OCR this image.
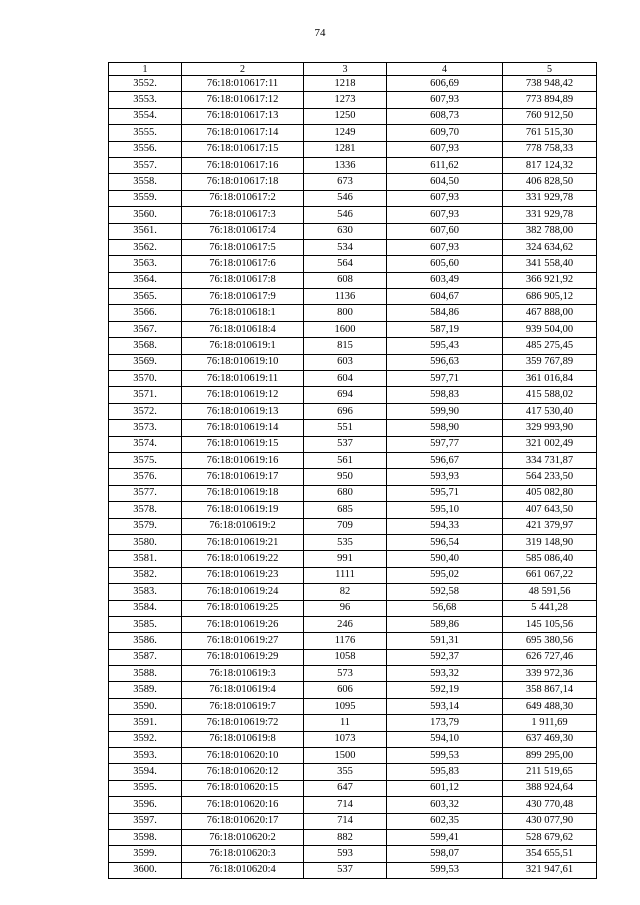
74
1	2	3	4	5
3552.	76:18:010617:11	1218	606,69	738 948,42
3553.	76:18:010617:12	1273	607,93	773 894,89
3554.	76:18:010617:13	1250	608,73	760 912,50
3555.	76:18:010617:14	1249	609,70	761 515,30
3556.	76:18:010617:15	1281	607,93	778 758,33
3557.	76:18:010617:16	1336	611,62	817 124,32
3558.	76:18:010617:18	673	604,50	406 828,50
3559.	76:18:010617:2	546	607,93	331 929,78
3560.	76:18:010617:3	546	607,93	331 929,78
3561.	76:18:010617:4	630	607,60	382 788,00
3562.	76:18:010617:5	534	607,93	324 634,62
3563.	76:18:010617:6	564	605,60	341 558,40
3564.	76:18:010617:8	608	603,49	366 921,92
3565.	76:18:010617:9	1136	604,67	686 905,12
3566.	76:18:010618:1	800	584,86	467 888,00
3567.	76:18:010618:4	1600	587,19	939 504,00
3568.	76:18:010619:1	815	595,43	485 275,45
3569.	76:18:010619:10	603	596,63	359 767,89
3570.	76:18:010619:11	604	597,71	361 016,84
3571.	76:18:010619:12	694	598,83	415 588,02
3572.	76:18:010619:13	696	599,90	417 530,40
3573.	76:18:010619:14	551	598,90	329 993,90
3574.	76:18:010619:15	537	597,77	321 002,49
3575.	76:18:010619:16	561	596,67	334 731,87
3576.	76:18:010619:17	950	593,93	564 233,50
3577.	76:18:010619:18	680	595,71	405 082,80
3578.	76:18:010619:19	685	595,10	407 643,50
3579.	76:18:010619:2	709	594,33	421 379,97
3580.	76:18:010619:21	535	596,54	319 148,90
3581.	76:18:010619:22	991	590,40	585 086,40
3582.	76:18:010619:23	1111	595,02	661 067,22
3583.	76:18:010619:24	82	592,58	48 591,56
3584.	76:18:010619:25	96	56,68	5 441,28
3585.	76:18:010619:26	246	589,86	145 105,56
3586.	76:18:010619:27	1176	591,31	695 380,56
3587.	76:18:010619:29	1058	592,37	626 727,46
3588.	76:18:010619:3	573	593,32	339 972,36
3589.	76:18:010619:4	606	592,19	358 867,14
3590.	76:18:010619:7	1095	593,14	649 488,30
3591.	76:18:010619:72	11	173,79	1 911,69
3592.	76:18:010619:8	1073	594,10	637 469,30
3593.	76:18:010620:10	1500	599,53	899 295,00
3594.	76:18:010620:12	355	595,83	211 519,65
3595.	76:18:010620:15	647	601,12	388 924,64
3596.	76:18:010620:16	714	603,32	430 770,48
3597.	76:18:010620:17	714	602,35	430 077,90
3598.	76:18:010620:2	882	599,41	528 679,62
3599.	76:18:010620:3	593	598,07	354 655,51
3600.	76:18:010620:4	537	599,53	321 947,61
